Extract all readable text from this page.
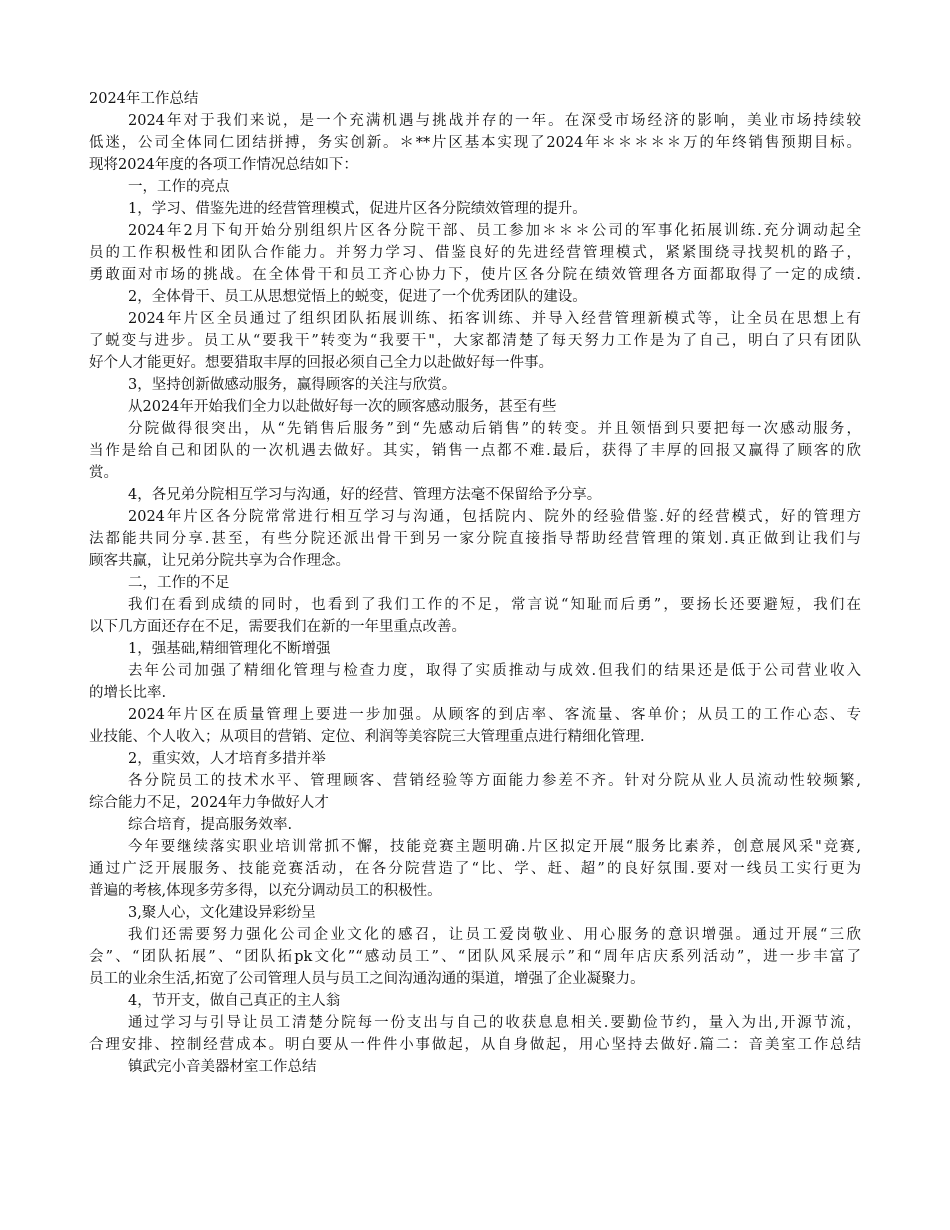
2024年工作总结
2024年对于我们来说，是一个充满机遇与挑战并存的一年。在深受市场经济的影响，美业市场持续较
低迷，公司全体同仁团结拼搏，务实创新。＊**片区基本实现了2024年＊＊＊＊＊万的年终销售预期目标。
现将2024年度的各项工作情况总结如下：
一，工作的亮点
1，学习、借鉴先进的经营管理模式，促进片区各分院绩效管理的提升。
2024年2月下旬开始分别组织片区各分院干部、员工参加＊＊＊公司的军事化拓展训练.充分调动起全
员的工作积极性和团队合作能力。并努力学习、借鉴良好的先进经营管理模式，紧紧围绕寻找契机的路子，
勇敢面对市场的挑战。在全体骨干和员工齐心协力下，使片区各分院在绩效管理各方面都取得了一定的成绩.
2，全体骨干、员工从思想觉悟上的蜕变，促进了一个优秀团队的建设。
2024年片区全员通过了组织团队拓展训练、拓客训练、并导入经营管理新模式等，让全员在思想上有
了蜕变与进步。员工从“要我干”转变为“我要干"，大家都清楚了每天努力工作是为了自己，明白了只有团队
好个人才能更好。想要猎取丰厚的回报必须自己全力以赴做好每一件事。
3，坚持创新做感动服务，赢得顾客的关注与欣赏。
从2024年开始我们全力以赴做好每一次的顾客感动服务，甚至有些
分院做得很突出，从“先销售后服务”到“先感动后销售”的转变。并且领悟到只要把每一次感动服务，
当作是给自己和团队的一次机遇去做好。其实，销售一点都不难.最后，获得了丰厚的回报又赢得了顾客的欣
赏。
4，各兄弟分院相互学习与沟通，好的经营、管理方法毫不保留给予分享。
2024年片区各分院常常进行相互学习与沟通，包括院内、院外的经验借鉴.好的经营模式，好的管理方
法都能共同分享.甚至，有些分院还派出骨干到另一家分院直接指导帮助经营管理的策划.真正做到让我们与
顾客共赢，让兄弟分院共享为合作理念。
二，工作的不足
我们在看到成绩的同时，也看到了我们工作的不足，常言说“知耻而后勇”，要扬长还要避短，我们在
以下几方面还存在不足，需要我们在新的一年里重点改善。
1，强基础,精细管理化不断增强
去年公司加强了精细化管理与检查力度，取得了实质推动与成效.但我们的结果还是低于公司营业收入
的增长比率.
2024年片区在质量管理上要进一步加强。从顾客的到店率、客流量、客单价；从员工的工作心态、专
业技能、个人收入；从项目的营销、定位、利润等美容院三大管理重点进行精细化管理.
2，重实效，人才培育多措并举
各分院员工的技术水平、管理顾客、营销经验等方面能力参差不齐。针对分院从业人员流动性较频繁,
综合能力不足，2024年力争做好人才
综合培育，提高服务效率.
今年要继续落实职业培训常抓不懈，技能竞赛主题明确.片区拟定开展“服务比素养，创意展风采"竞赛,
通过广泛开展服务、技能竞赛活动，在各分院营造了“比、学、赶、超”的良好氛围.要对一线员工实行更为
普遍的考核,体现多劳多得，以充分调动员工的积极性。
3,聚人心，文化建设异彩纷呈
我们还需要努力强化公司企业文化的感召，让员工爱岗敬业、用心服务的意识增强。通过开展“三欣
会”、“团队拓展”、“团队拓pk文化”“感动员工”、“团队风采展示”和“周年店庆系列活动”，进一步丰富了
员工的业余生活,拓宽了公司管理人员与员工之间沟通沟通的渠道，增强了企业凝聚力。
4，节开支，做自己真正的主人翁
通过学习与引导让员工清楚分院每一份支出与自己的收获息息相关.要勤俭节约，量入为出,开源节流，
合理安排、控制经营成本。明白要从一件件小事做起，从自身做起，用心坚持去做好.篇二：音美室工作总结
镇武完小音美器材室工作总结
